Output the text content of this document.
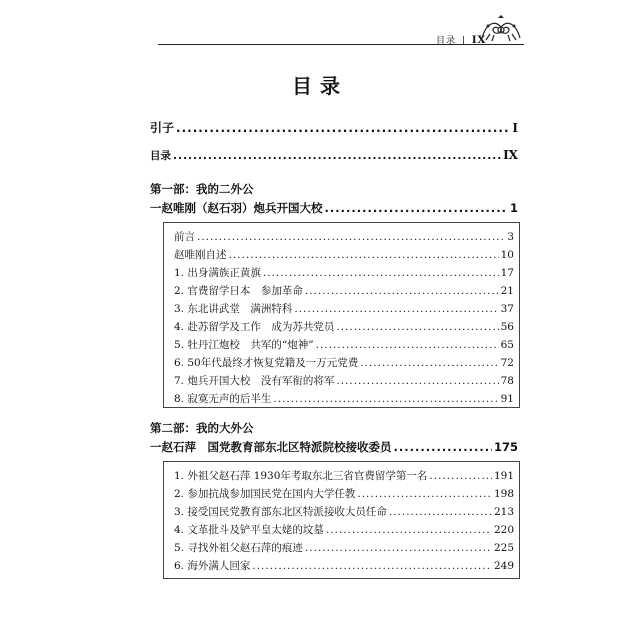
目录 | IX
目录
引子 .....	I
目录 .....	IX
第一部：我的二外公
一赵唯刚（赵石羽）炮兵开国大校 .....	1
前言 .....	3
赵唯刚自述 .....	10
1. 出身满族正黄旗 .....	17
2. 官费留学日本　参加革命 .....	21
3. 东北讲武堂　满洲特科 .....	37
4. 赴苏留学及工作　成为苏共党员 .....	56
5. 牡丹江炮校　共军的“炮神” .....	65
6. 50年代最终才恢复党籍及一万元党费 .....	72
7. 炮兵开国大校　没有军衔的将军 .....	78
8. 寂寞无声的后半生 .....	91
第二部：我的大外公
一赵石萍　国党教育部东北区特派院校接收委员 .....	175
1. 外祖父赵石萍 1930年考取东北三省官费留学第一名 .....	191
2. 参加抗战参加国民党在国内大学任教 .....	198
3. 接受国民党教育部东北区特派接收大员任命 .....	213
4. 文革批斗及铲平皇太姥的坟墓 .....	220
5. 寻找外祖父赵石萍的痕迹 .....	225
6. 海外满人回家 .....	249
